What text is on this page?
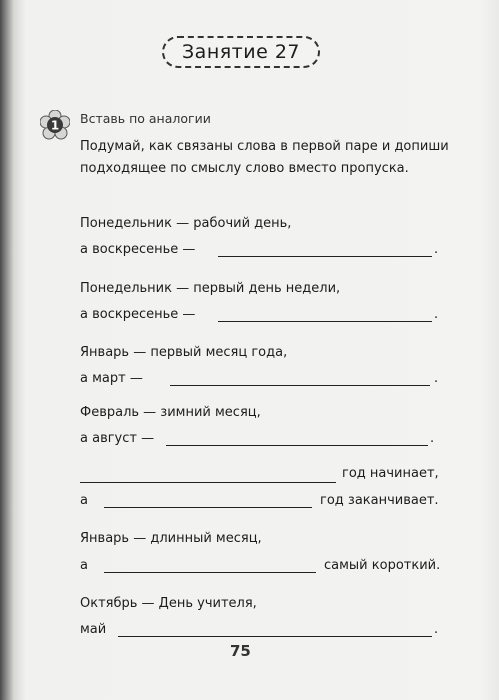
Занятие 27
1 Вставь по аналогии
Подумай, как связаны слова в первой паре и допиши подходящее по смыслу слово вместо пропуска.
Понедельник — рабочий день,
а воскресенье —	.
Понедельник — первый день недели,
а воскресенье —	.
Январь — первый месяц года,
а март —	.
Февраль — зимний месяц,
а август —	.
год начинает,
а	год заканчивает.
Январь — длинный месяц,
а	самый короткий.
Октябрь — День учителя,
май	.
75
